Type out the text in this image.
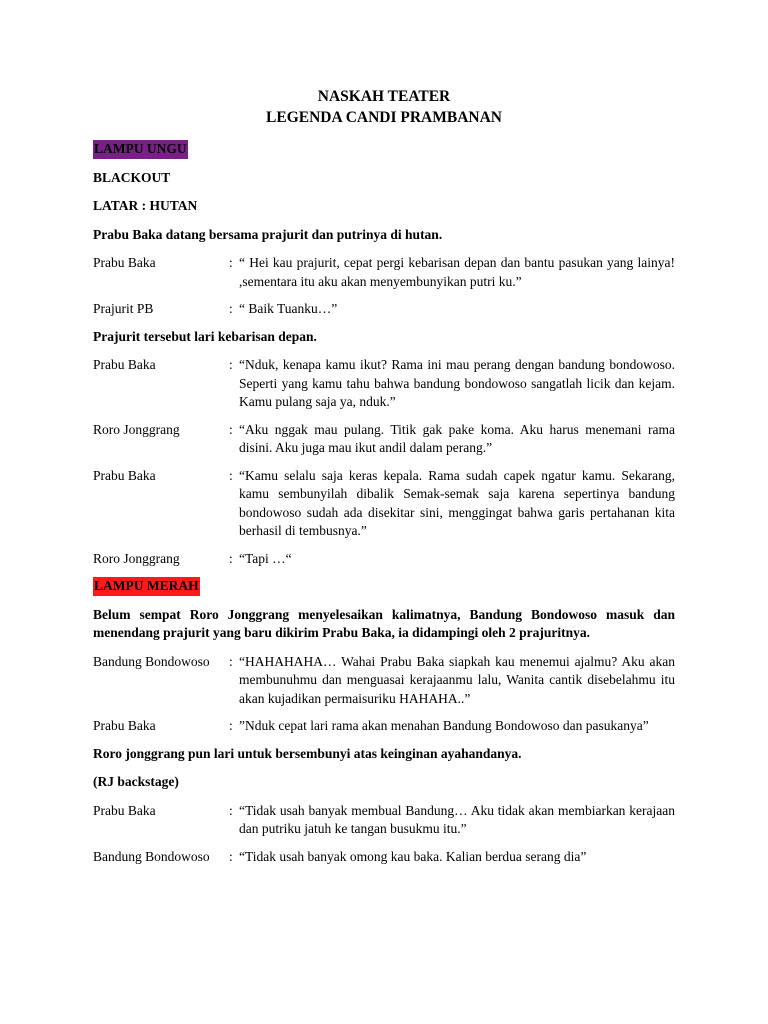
NASKAH TEATER

LEGENDA CANDI PRAMBANAN

LAMPU UNGU

BLACKOUT

LATAR : HUTAN

Prabu Baka datang bersama prajurit dan putrinya di hutan.

Prabu Baka	: “ Hei kau prajurit, cepat pergi kebarisan depan dan bantu pasukan yang lainya! ,sementara itu aku akan menyembunyikan putri ku.”
Prajurit PB	: “ Baik Tuanku…”

Prajurit tersebut lari kebarisan depan.

Prabu Baka	: “Nduk, kenapa kamu ikut? Rama ini mau perang dengan bandung bondowoso. Seperti yang kamu tahu bahwa bandung bondowoso sangatlah licik dan kejam. Kamu pulang saja ya, nduk.”
Roro Jonggrang	: “Aku nggak mau pulang. Titik gak pake koma. Aku harus menemani rama disini. Aku juga mau ikut andil dalam perang.”
Prabu Baka	: “Kamu selalu saja keras kepala. Rama sudah capek ngatur kamu. Sekarang, kamu sembunyilah dibalik Semak-semak saja karena sepertinya bandung bondowoso sudah ada disekitar sini, menggingat bahwa garis pertahanan kita berhasil di tembusnya.”
Roro Jonggrang	: “Tapi …“

LAMPU MERAH

Belum sempat Roro Jonggrang menyelesaikan kalimatnya, Bandung Bondowoso masuk dan menendang prajurit yang baru dikirim Prabu Baka, ia didampingi oleh 2 prajuritnya.

Bandung Bondowoso	: “HAHAHAHA… Wahai Prabu Baka siapkah kau menemui ajalmu? Aku akan membunuhmu dan menguasai kerajaanmu lalu, Wanita cantik disebelahmu itu akan kujadikan permaisuriku HAHAHA..”
Prabu Baka	: ”Nduk cepat lari rama akan menahan Bandung Bondowoso dan pasukanya”

Roro jonggrang pun lari untuk bersembunyi atas keinginan ayahandanya.

(RJ backstage)

Prabu Baka	: “Tidak usah banyak membual Bandung… Aku tidak akan membiarkan kerajaan dan putriku jatuh ke tangan busukmu itu.”
Bandung Bondowoso	: “Tidak usah banyak omong kau baka. Kalian berdua serang dia”
